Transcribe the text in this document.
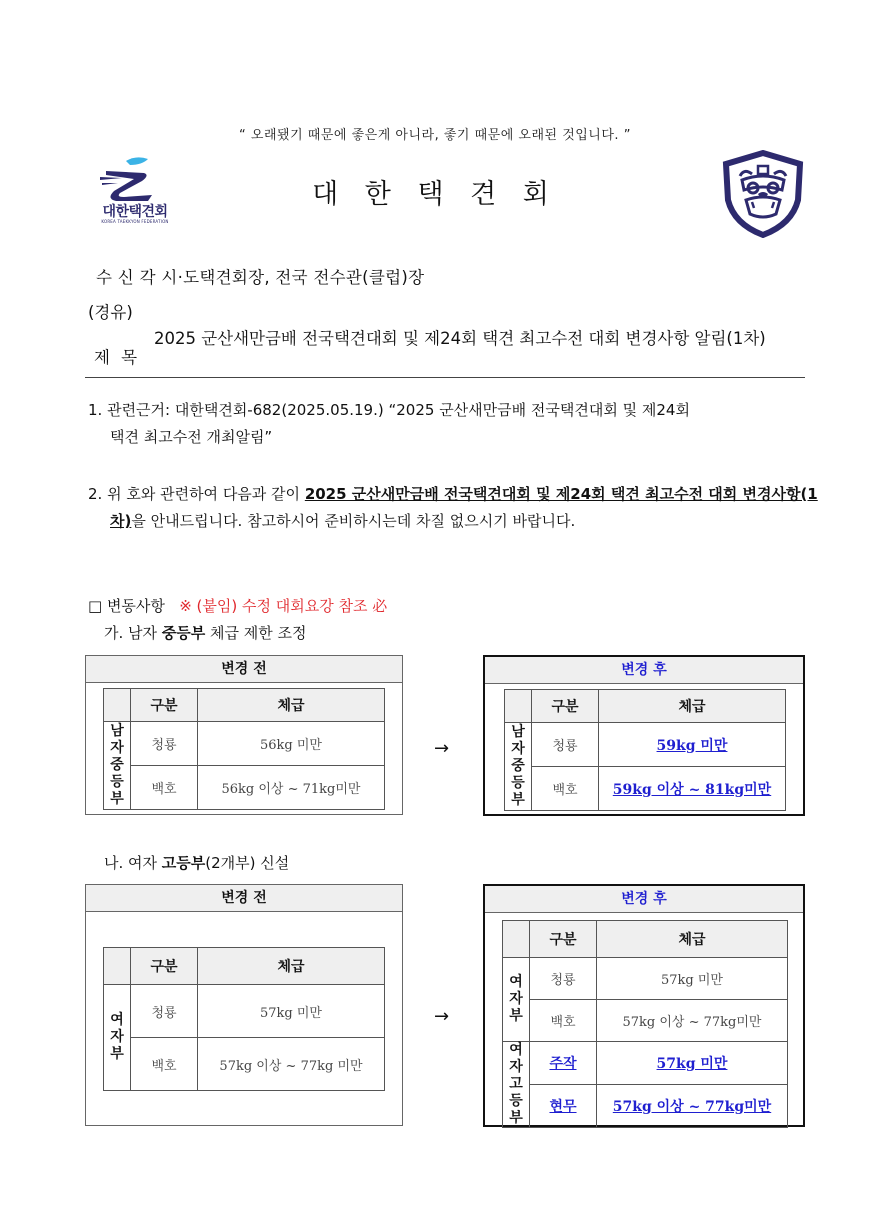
“ 오래됐기 때문에 좋은게 아니라, 좋기 때문에 오래된 것입니다. ”
대한택견회
KOREA TAEKKYON FEDERATION
대 한 택 견 회
수 신 각 시·도택견회장, 전국 전수관(클럽)장
(경유)
제 목
2025 군산새만금배 전국택견대회 및 제24회 택견 최고수전 대회 변경사항 알림(1차)
1. 관련근거: 대한택견회-682(2025.05.19.) “2025 군산새만금배 전국택견대회 및 제24회
택견 최고수전 개최알림”
2. 위 호와 관련하여 다음과 같이 2025 군산새만금배 전국택견대회 및 제24회 택견 최고수전 대회 변경사항(1차)을 안내드립니다. 참고하시어 준비하시는데 차질 없으시기 바랍니다.
□ 변동사항 ※ (붙임) 수정 대회요강 참조 必
가. 남자 중등부 체급 제한 조정
변경 전
	구분	체급
남
자
중
등
부	청룡	56kg 미만
	백호	56kg 이상 ~ 71kg미만
→
변경 후
	구분	체급
남
자
중
등
부	청룡	59kg 미만
	백호	59kg 이상 ~ 81kg미만
나. 여자 고등부(2개부) 신설
변경 전
	구분	체급
여
자
부	청룡	57kg 미만
	백호	57kg 이상 ~ 77kg 미만
→
변경 후
	구분	체급
여
자
부	청룡	57kg 미만
	백호	57kg 이상 ~ 77kg미만
여
자
고
등
부	주작	57kg 미만
	현무	57kg 이상 ~ 77kg미만
